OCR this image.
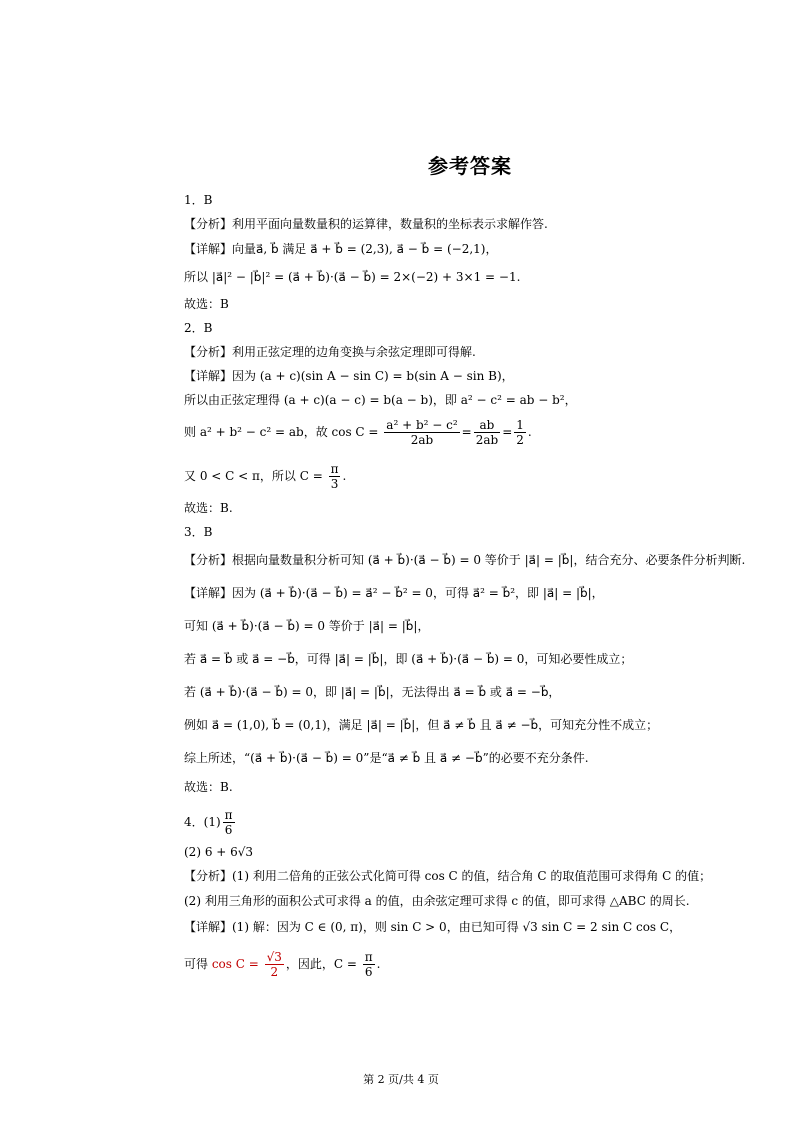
参考答案
1．B
【分析】利用平面向量数量积的运算律，数量积的坐标表示求解作答.
【详解】向量a⃗, b⃗ 满足 a⃗ + b⃗ = (2,3), a⃗ − b⃗ = (−2,1)，
所以 |a⃗|² − |b⃗|² = (a⃗ + b⃗)·(a⃗ − b⃗) = 2×(−2) + 3×1 = −1.
故选：B
2．B
【分析】利用正弦定理的边角变换与余弦定理即可得解.
【详解】因为 (a + c)(sin A − sin C) = b(sin A − sin B)，
所以由正弦定理得 (a + c)(a − c) = b(a − b)，即 a² − c² = ab − b²，
则 a² + b² − c² = ab，故 $\cos C = \frac{\text{a² + b² − c²}}{2ab} = \frac{ab}{2ab} = \frac{1}{2}$ .
又 0 < C < π，所以 $C = \frac{\pi}{3}$ .
故选：B.
3．B
【分析】根据向量数量积分析可知 (a⃗ + b⃗)·(a⃗ − b⃗) = 0 等价于 |a⃗| = |b⃗|，结合充分、必要条件分析判断.
【详解】因为 (a⃗ + b⃗)·(a⃗ − b⃗) = a⃗² − b⃗² = 0，可得 a⃗² = b⃗²，即 |a⃗| = |b⃗|，
可知 (a⃗ + b⃗)·(a⃗ − b⃗) = 0 等价于 |a⃗| = |b⃗|，
若 a⃗ = b⃗ 或 a⃗ = −b⃗，可得 |a⃗| = |b⃗|，即 (a⃗ + b⃗)·(a⃗ − b⃗) = 0，可知必要性成立；
若 (a⃗ + b⃗)·(a⃗ − b⃗) = 0，即 |a⃗| = |b⃗|，无法得出 a⃗ = b⃗ 或 a⃗ = −b⃗，
例如 a⃗ = (1,0), b⃗ = (0,1)，满足 |a⃗| = |b⃗|，但 a⃗ ≠ b⃗ 且 a⃗ ≠ −b⃗，可知充分性不成立；
综上所述，“(a⃗ + b⃗)·(a⃗ − b⃗) = 0”是“a⃗ ≠ b⃗ 且 a⃗ ≠ −b⃗”的必要不充分条件.
故选：B.
4．$(1) \frac{\pi}{6}$
(2) 6 + 6√3
【分析】(1) 利用二倍角的正弦公式化简可得 cos C 的值，结合角 C 的取值范围可求得角 C 的值；
(2) 利用三角形的面积公式可求得 a 的值，由余弦定理可求得 c 的值，即可求得 △ABC 的周长.
【详解】(1) 解：因为 C ∈ (0, π)，则 sin C > 0，由已知可得 √3 sin C = 2 sin C cos C，
可得 $\cos C = \frac{√3}{2}$ ，因此，$C = \frac{\pi}{6}$ .
第 2 页/共 4 页
